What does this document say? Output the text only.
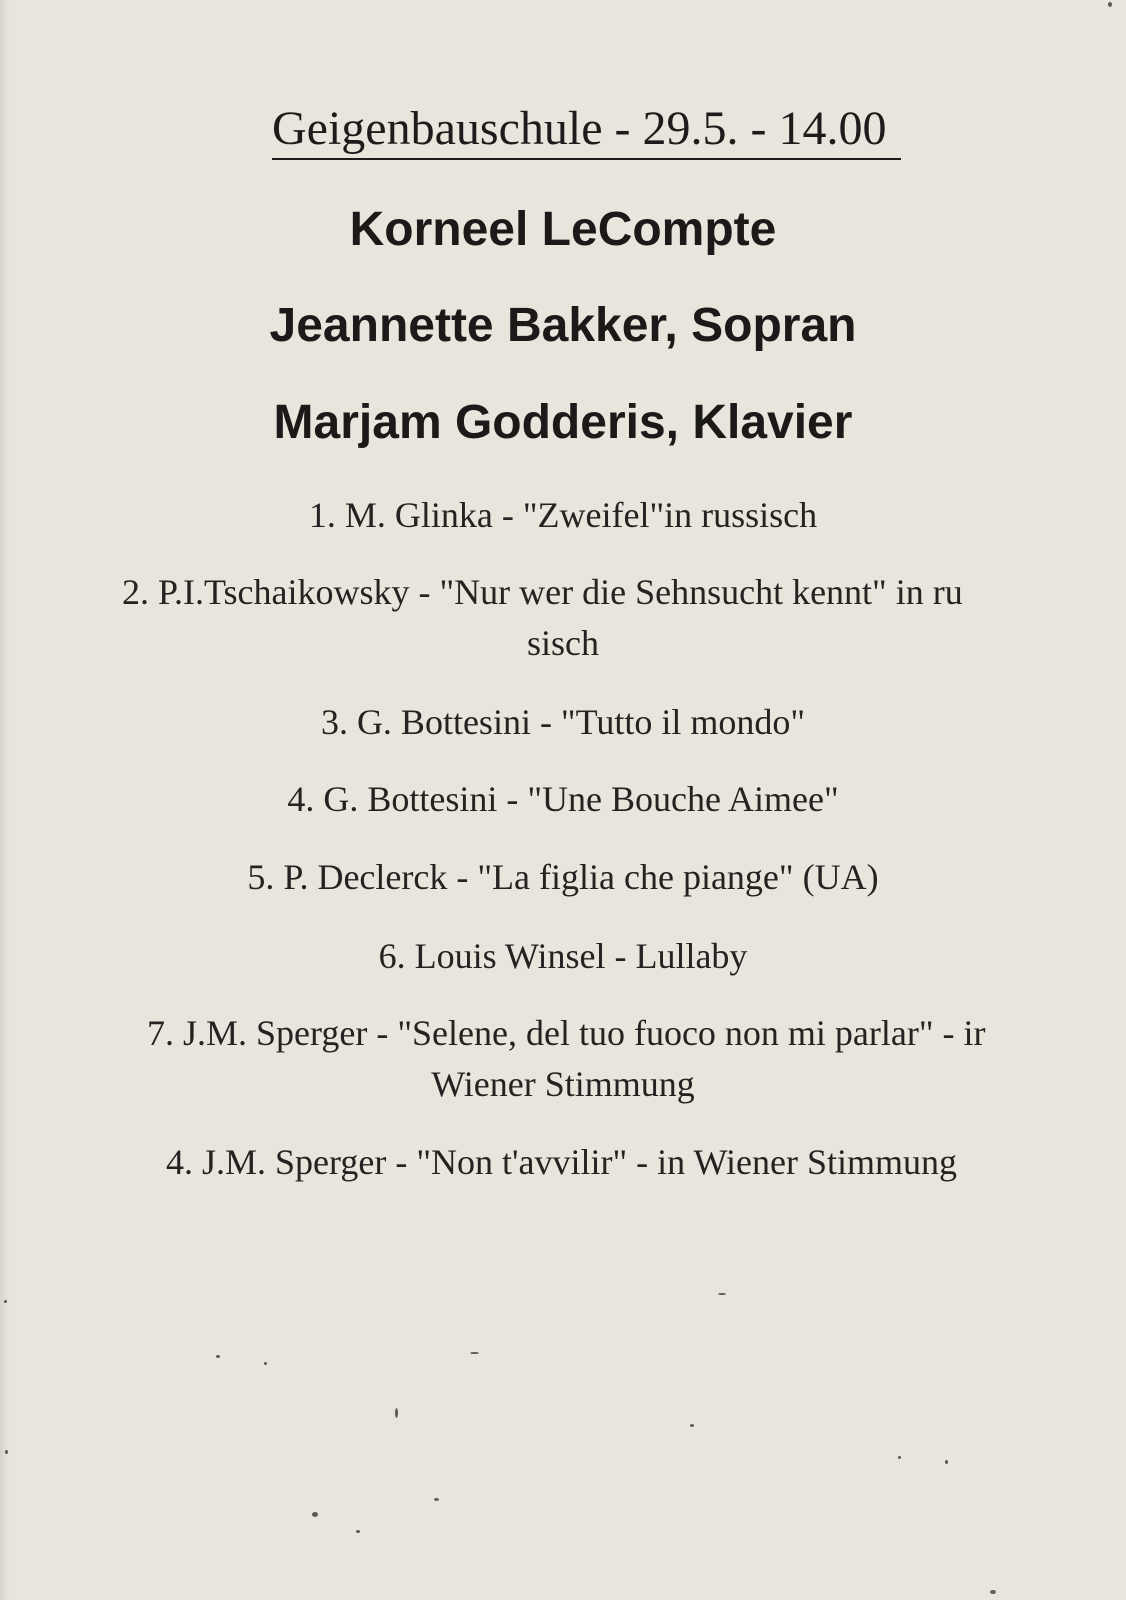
Geigenbauschule - 29.5. - 14.00
Korneel LeCompte
Jeannette Bakker, Sopran
Marjam Godderis, Klavier
1. M. Glinka - "Zweifel"in russisch
2. P.I.Tschaikowsky - "Nur wer die Sehnsucht kennt" in ru
sisch
3. G. Bottesini - "Tutto il mondo"
4. G. Bottesini - "Une Bouche Aimee"
5. P. Declerck - "La figlia che piange" (UA)
6. Louis Winsel - Lullaby
7. J.M. Sperger - "Selene, del tuo fuoco non mi parlar" - ir
Wiener Stimmung
4. J.M. Sperger - "Non t'avvilir" - in Wiener Stimmung
